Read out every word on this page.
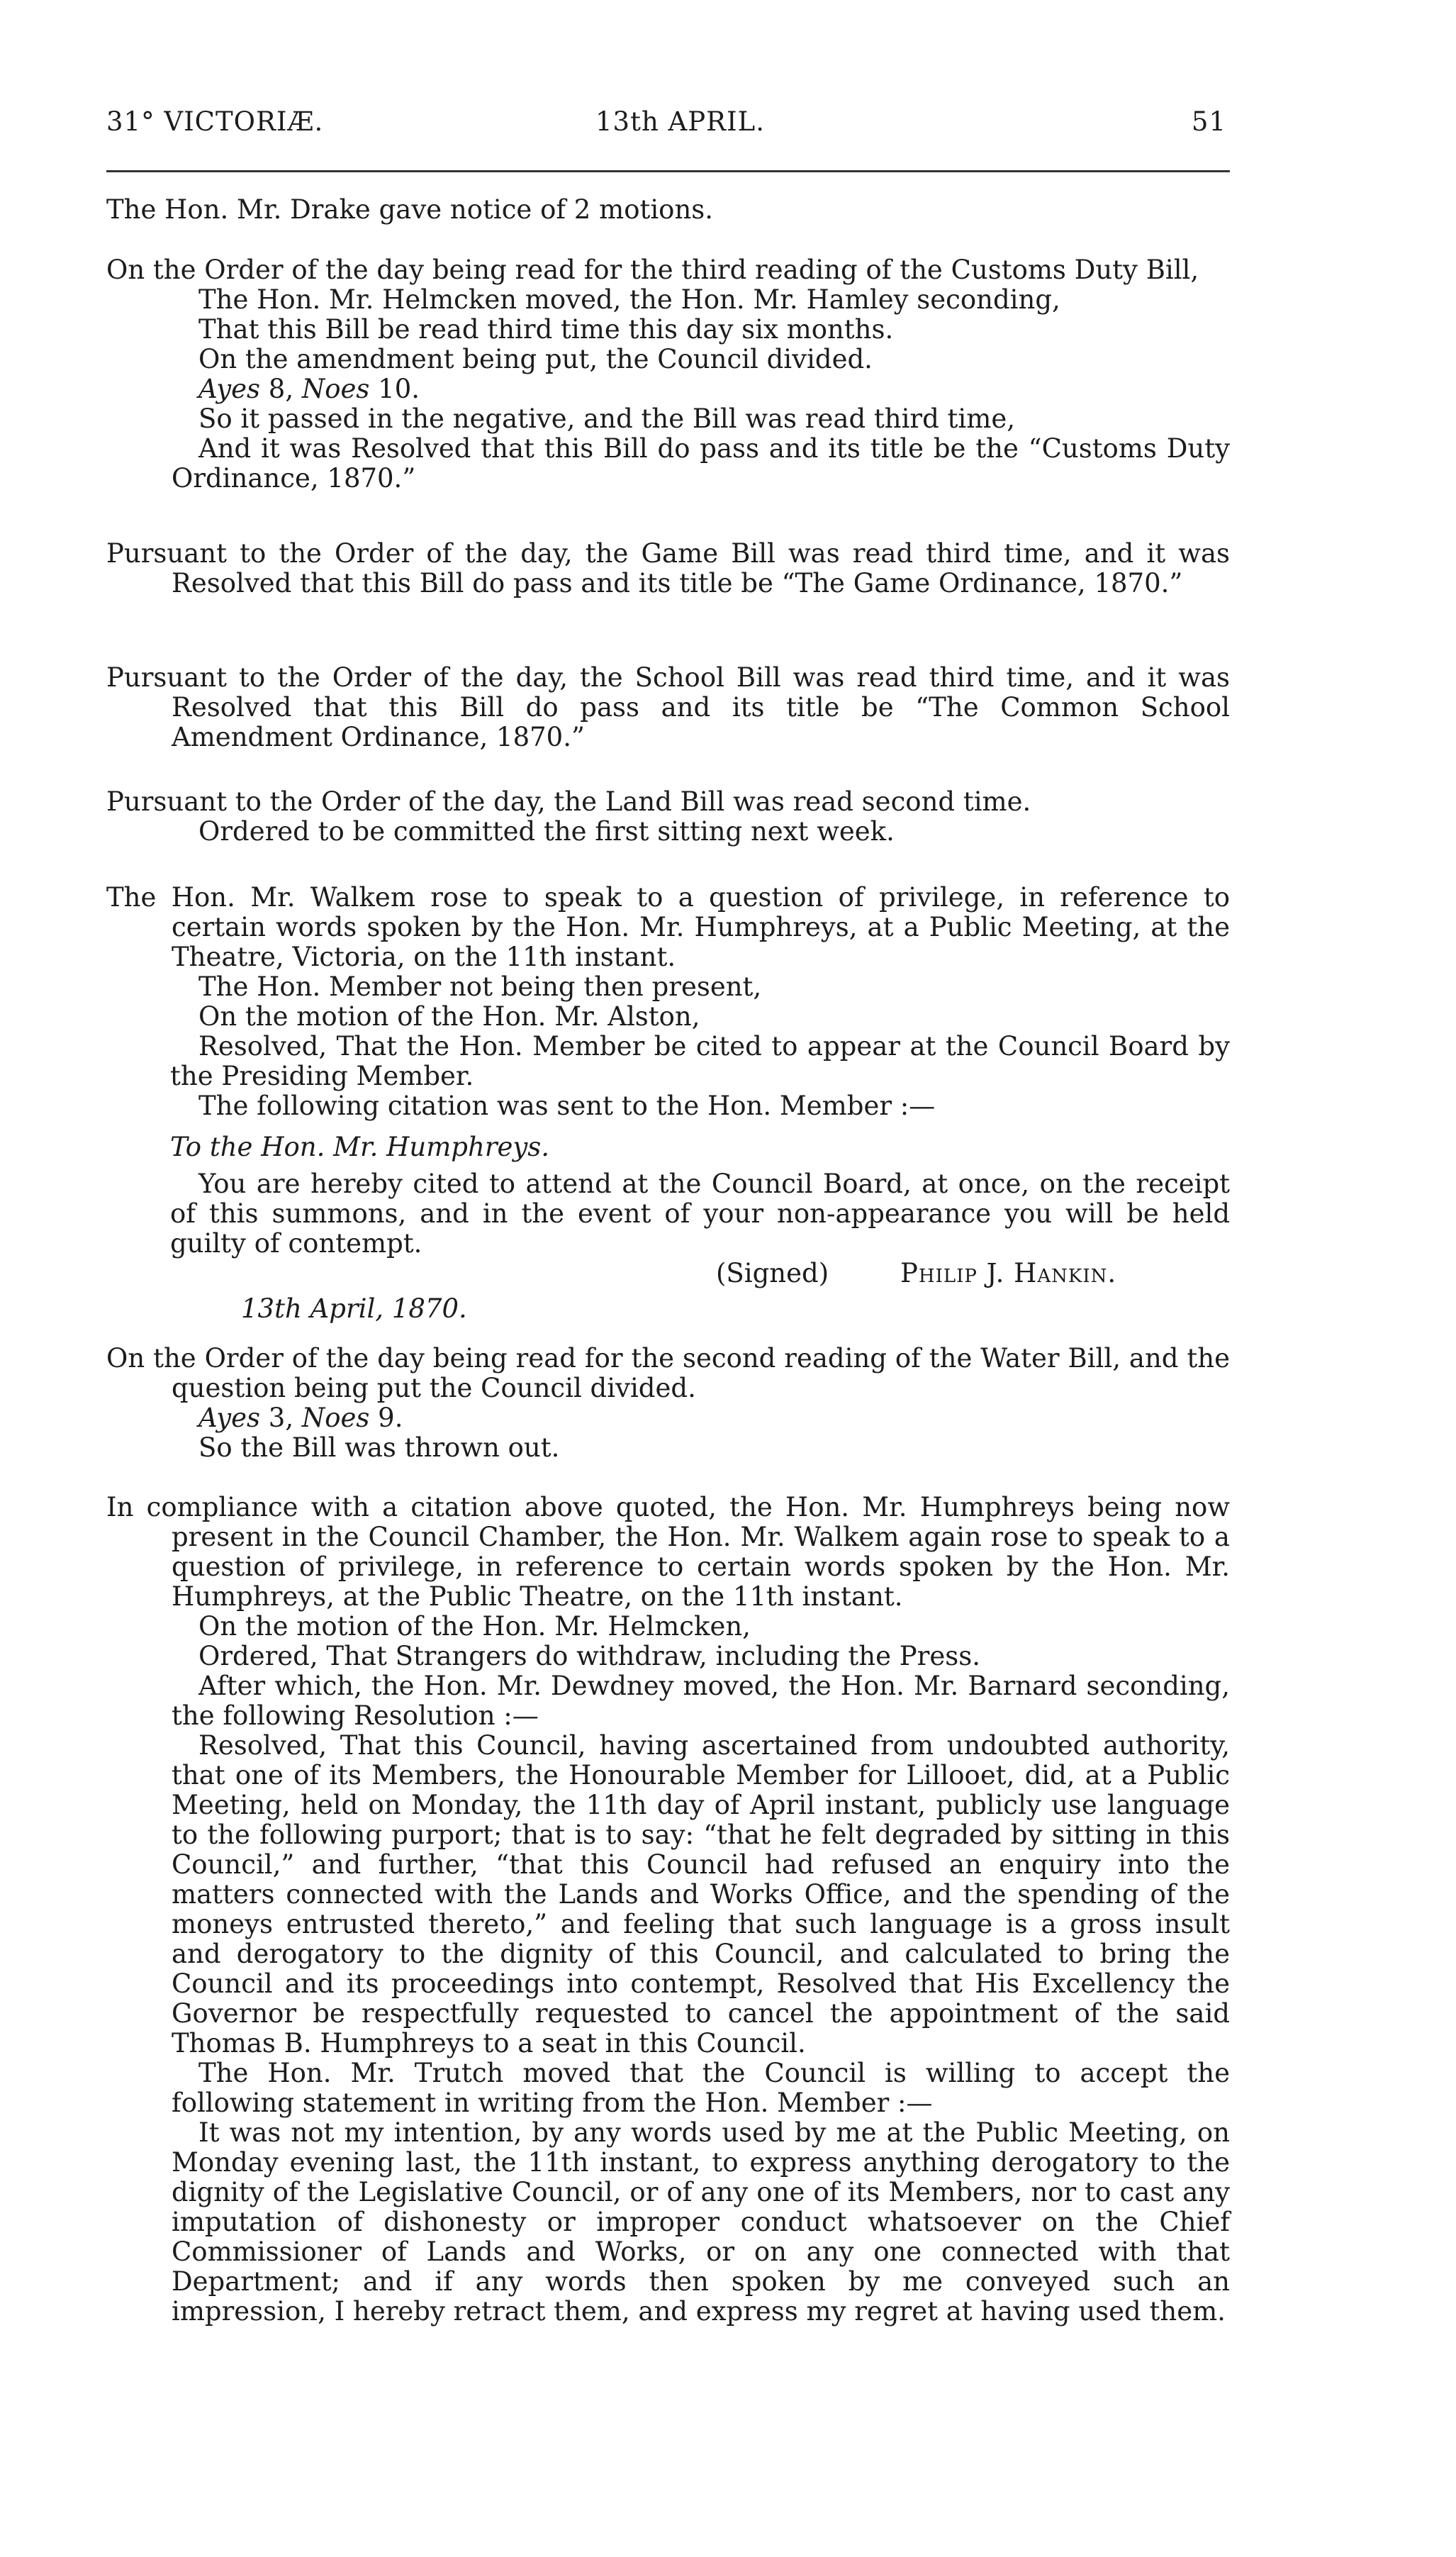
31° VICTORIÆ.	13th APRIL.	51

The Hon. Mr. Drake gave notice of 2 motions.

On the Order of the day being read for the third reading of the Customs Duty Bill,

The Hon. Mr. Helmcken moved, the Hon. Mr. Hamley seconding,

That this Bill be read third time this day six months.

On the amendment being put, the Council divided.

Ayes 8, Noes 10.

So it passed in the negative, and the Bill was read third time,

And it was Resolved that this Bill do pass and its title be the “Customs Duty Ordinance, 1870.”

Pursuant to the Order of the day, the Game Bill was read third time, and it was Resolved that this Bill do pass and its title be “The Game Ordinance, 1870.”

Pursuant to the Order of the day, the School Bill was read third time, and it was Resolved that this Bill do pass and its title be “The Common School Amendment Ordinance, 1870.”

Pursuant to the Order of the day, the Land Bill was read second time.

Ordered to be committed the first sitting next week.

The Hon. Mr. Walkem rose to speak to a question of privilege, in reference to certain words spoken by the Hon. Mr. Humphreys, at a Public Meeting, at the Theatre, Victoria, on the 11th instant.

The Hon. Member not being then present,

On the motion of the Hon. Mr. Alston,

Resolved, That the Hon. Member be cited to appear at the Council Board by the Presiding Member.

The following citation was sent to the Hon. Member :—

To the Hon. Mr. Humphreys.

You are hereby cited to attend at the Council Board, at once, on the receipt of this summons, and in the event of your non-appearance you will be held guilty of contempt.

(Signed)	Philip J. Hankin.

13th April, 1870.

On the Order of the day being read for the second reading of the Water Bill, and the question being put the Council divided.

Ayes 3, Noes 9.

So the Bill was thrown out.

In compliance with a citation above quoted, the Hon. Mr. Humphreys being now present in the Council Chamber, the Hon. Mr. Walkem again rose to speak to a question of privilege, in reference to certain words spoken by the Hon. Mr. Humphreys, at the Public Theatre, on the 11th instant.

On the motion of the Hon. Mr. Helmcken,

Ordered, That Strangers do withdraw, including the Press.

After which, the Hon. Mr. Dewdney moved, the Hon. Mr. Barnard seconding, the following Resolution :—

Resolved, That this Council, having ascertained from undoubted authority, that one of its Members, the Honourable Member for Lillooet, did, at a Public Meeting, held on Monday, the 11th day of April instant, publicly use language to the following purport; that is to say: “that he felt degraded by sitting in this Council,” and further, “that this Council had refused an enquiry into the matters connected with the Lands and Works Office, and the spending of the moneys entrusted thereto,” and feeling that such language is a gross insult and derogatory to the dignity of this Council, and calculated to bring the Council and its proceedings into contempt, Resolved that His Excellency the Governor be respectfully requested to cancel the appointment of the said Thomas B. Humphreys to a seat in this Council.

The Hon. Mr. Trutch moved that the Council is willing to accept the following statement in writing from the Hon. Member :—

It was not my intention, by any words used by me at the Public Meeting, on Monday evening last, the 11th instant, to express anything derogatory to the dignity of the Legislative Council, or of any one of its Members, nor to cast any imputation of dishonesty or improper conduct whatsoever on the Chief Commissioner of Lands and Works, or on any one connected with that Department; and if any words then spoken by me conveyed such an impression, I hereby retract them, and express my regret at having used them.
